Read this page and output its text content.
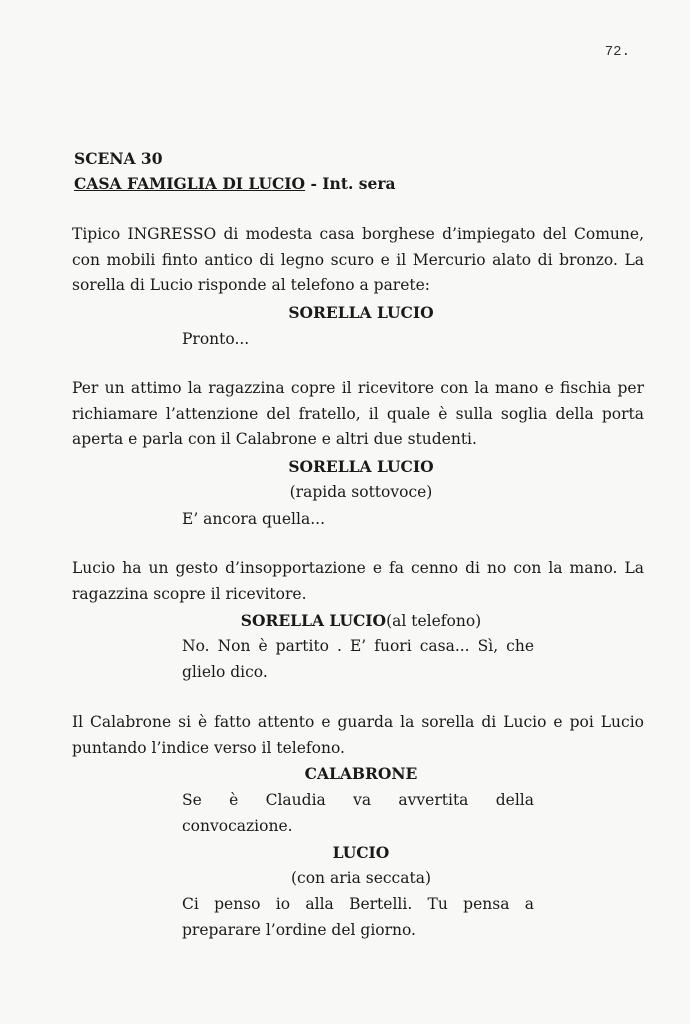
72.
SCENA 30
CASA FAMIGLIA DI LUCIO - Int. sera

Tipico INGRESSO di modesta casa borghese d’impiegato del Comune, con mobili finto antico di legno scuro e il Mercurio alato di bronzo. La sorella di Lucio risponde al telefono a parete:

SORELLA LUCIO

Pronto...

Per un attimo la ragazzina copre il ricevitore con la mano e fischia per richiamare l’attenzione del fratello, il quale è sulla soglia della porta aperta e parla con il Calabrone e altri due studenti.

SORELLA LUCIO

(rapida sottovoce)

E’ ancora quella...

Lucio ha un gesto d’insopportazione e fa cenno di no con la mano. La ragazzina scopre il ricevitore.

SORELLA LUCIO(al telefono)

No. Non è partito . E’ fuori casa... Sì, che glielo dico.

Il Calabrone si è fatto attento e guarda la sorella di Lucio e poi Lucio puntando l’indice verso il telefono.

CALABRONE

Se è Claudia va avvertita della convocazione.

LUCIO

(con aria seccata)

Ci penso io alla Bertelli. Tu pensa a preparare l’ordine del giorno.
